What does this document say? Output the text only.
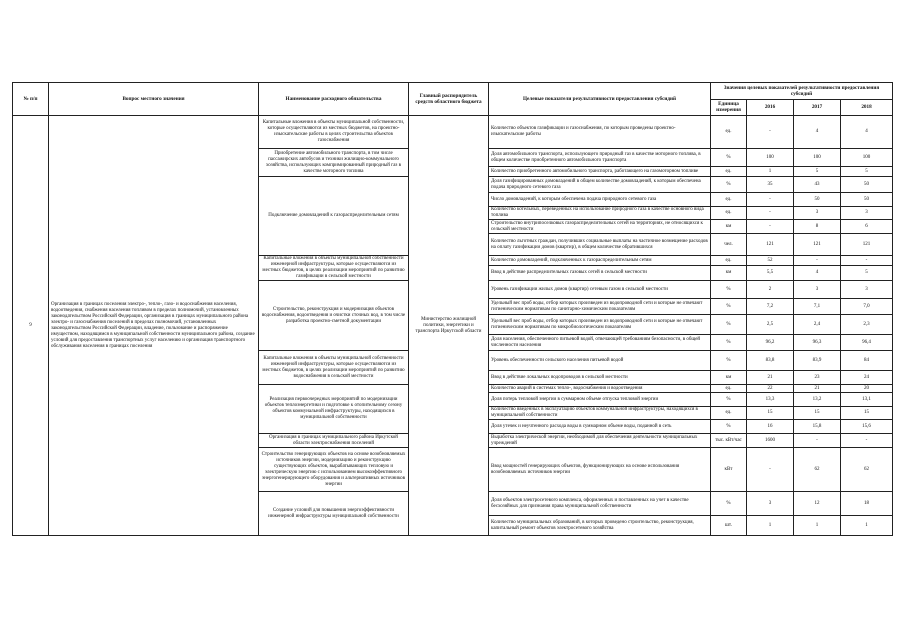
№ п/п	Вопрос местного значения	Наименование расходного обязательства	Главный распорядитель средств областного бюджета	Целевые показатели результативности предоставления субсидий	Значения целевых показателей результативности предоставления субсидий			
					Единица измерения	2016	2017	2018
9	Организация в границах поселения электро-, тепло-, газо- и водоснабжения населения, водоотведения, снабжения населения топливом в пределах полномочий, установленных законодательством Российской Федерации, организация в границах муниципального района электро- и газоснабжения поселений в пределах полномочий, установленных законодательством Российской Федерации, владение, пользование и распоряжение имуществом, находящимся в муниципальной собственности муниципального района, создание условий для предоставления транспортных услуг населению и организация транспортного обслуживания населения в границах поселения	Капитальные вложения в объекты муниципальной собственности, которые осуществляются из местных бюджетов, на проектно-изыскательские работы в целях строительства объектов газоснабжения	Министерство жилищной политики, энергетики и транспорта Иркутской области	Количество объектов газификации и газоснабжения, по которым проведены проектно-изыскательские работы	ед.	-	4	4
		Приобретение автомобильного транспорта, в том числе пассажирских автобусов и техники жилищно-коммунального хозяйства, использующих компримированный природный газ в качестве моторного топлива		Доля автомобильного транспорта, использующего природный газ в качестве моторного топлива, в общем количестве приобретенного автомобильного транспорта	%	100	100	100
				Количество приобретенного автомобильного транспорта, работающего на газомоторном топливе	ед.	1	5	5
		Подключение домовладений к газораспределительным сетям		Доля газифицированных домовладений в общем количестве домовладений, к которым обеспечена подача природного сетевого газа	%	35	43	50
				Число домовладений, к которым обеспечена подача природного сетевого газа	ед.	-	50	50
				Количество котельных, переведенных на использование природного газа в качестве основного вида топлива	ед.	-	3	3
				Строительство внутрипоселковых газораспределительных сетей на территориях, не относящихся к сельской местности	км	-	8	6
				Количество льготных граждан, получивших социальные выплаты на частичное возмещение расходов на оплату газификации домов (квартир), в общем количестве обратившихся	чел.	121	121	121
		Капитальные вложения в объекты муниципальной собственности инженерной инфраструктуры, которые осуществляются из местных бюджетов, в целях реализации мероприятий по развитию газификации в сельской местности		Количество домовладений, подключенных к газораспределительным сетям	ед.	52	-	-
				Ввод в действие распределительных газовых сетей в сельской местности	км	5,5	4	5
		Строительство, реконструкция и модернизация объектов водоснабжения, водоотведения и очистки сточных вод, в том числе разработка проектно-сметной документации		Уровень газификации жилых домов (квартир) сетевым газом в сельской местности	%	2	3	3
				Удельный вес проб воды, отбор которых произведен из водопроводной сети и которые не отвечают гигиеническим нормативам по санитарно-химическим показателям	%	7,2	7,1	7,0
				Удельный вес проб воды, отбор которых произведен из водопроводной сети и которые не отвечают гигиеническим нормативам по микробиологическим показателям	%	2,5	2,4	2,3
				Доля населения, обеспеченного питьевой водой, отвечающей требованиям безопасности, в общей численности населения	%	96,2	96,3	96,4
		Капитальные вложения в объекты муниципальной собственности инженерной инфраструктуры, которые осуществляются из местных бюджетов, в целях реализации мероприятий по развитию водоснабжения в сельской местности		Уровень обеспеченности сельского населения питьевой водой	%	83,8	83,9	84
				Ввод в действие локальных водопроводов в сельской местности	км	21	23	24
		Реализация первоочередных мероприятий по модернизации объектов теплоэнергетики и подготовке к отопительному сезону объектов коммунальной инфраструктуры, находящихся в муниципальной собственности		Количество аварий в системах тепло-, водоснабжения и водоотведения	ед.	22	21	20
				Доля потерь тепловой энергии в суммарном объеме отпуска тепловой энергии	%	13,3	13,2	13,1
				Количество введенных в эксплуатацию объектов коммунальной инфраструктуры, находящихся в муниципальной собственности	ед.	15	15	15
				Доля утечек и неучтенного расхода воды в суммарном объеме воды, поданной в сеть	%	16	15,8	15,6
		Организация в границах муниципального района Иркутской области электроснабжения поселений		Выработка электрической энергии, необходимой для обеспечения деятельности муниципальных учреждений	тыс. кВт/час	1600	-	-
		Строительство генерирующих объектов на основе возобновляемых источников энергии, модернизацию и реконструкцию существующих объектов, вырабатывающих тепловую и электрическую энергию с использованием высокоэффективного энергогенерирующего оборудования и альтернативных источников энергии		Ввод мощностей генерирующих объектов, функционирующих на основе использования возобновляемых источников энергии	кВт	-	62	62
		Создание условий для повышения энергоэффективности инженерной инфраструктуры муниципальной собственности		Доля объектов электросетевого комплекса, оформленных и поставленных на учет в качестве бесхозяйных для признания права муниципальной собственности	%	3	12	18
				Количество муниципальных образований, в которых проведено строительство, реконструкция, капитальный ремонт объектов электросетевого хозяйства	шт.	1	1	1
